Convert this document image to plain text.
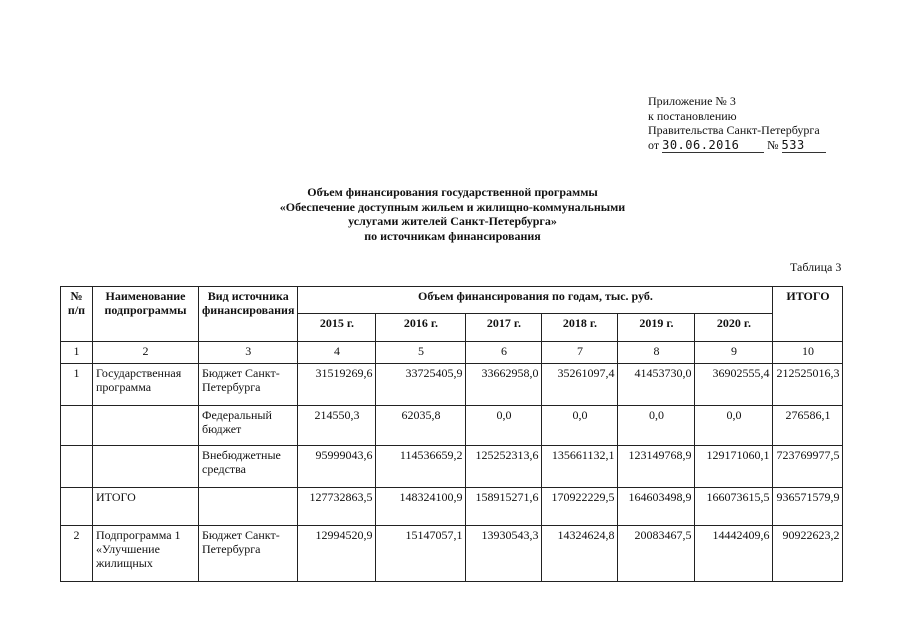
Приложение № 3
к постановлению
Правительства Санкт-Петербурга
от 30.06.2016 № 533
Объем финансирования государственной программы
«Обеспечение доступным жильем и жилищно-коммунальными
услугами жителей Санкт-Петербурга»
по источникам финансирования
Таблица 3
№ п/п	Наименование подпрограммы	Вид источника финансирования	Объем финансирования по годам, тыс. руб.						ИТОГО
			2015 г.	2016 г.	2017 г.	2018 г.	2019 г.	2020 г.	
1	2	3	4	5	6	7	8	9	10
1	Государственная программа	Бюджет Санкт-Петербурга	31519269,6	33725405,9	33662958,0	35261097,4	41453730,0	36902555,4	212525016,3
		Федеральный бюджет	214550,3	62035,8	0,0	0,0	0,0	0,0	276586,1
		Внебюджетные средства	95999043,6	114536659,2	125252313,6	135661132,1	123149768,9	129171060,1	723769977,5
	ИТОГО		127732863,5	148324100,9	158915271,6	170922229,5	164603498,9	166073615,5	936571579,9
2	Подпрограмма 1 «Улучшение жилищных	Бюджет Санкт-Петербурга	12994520,9	15147057,1	13930543,3	14324624,8	20083467,5	14442409,6	90922623,2
